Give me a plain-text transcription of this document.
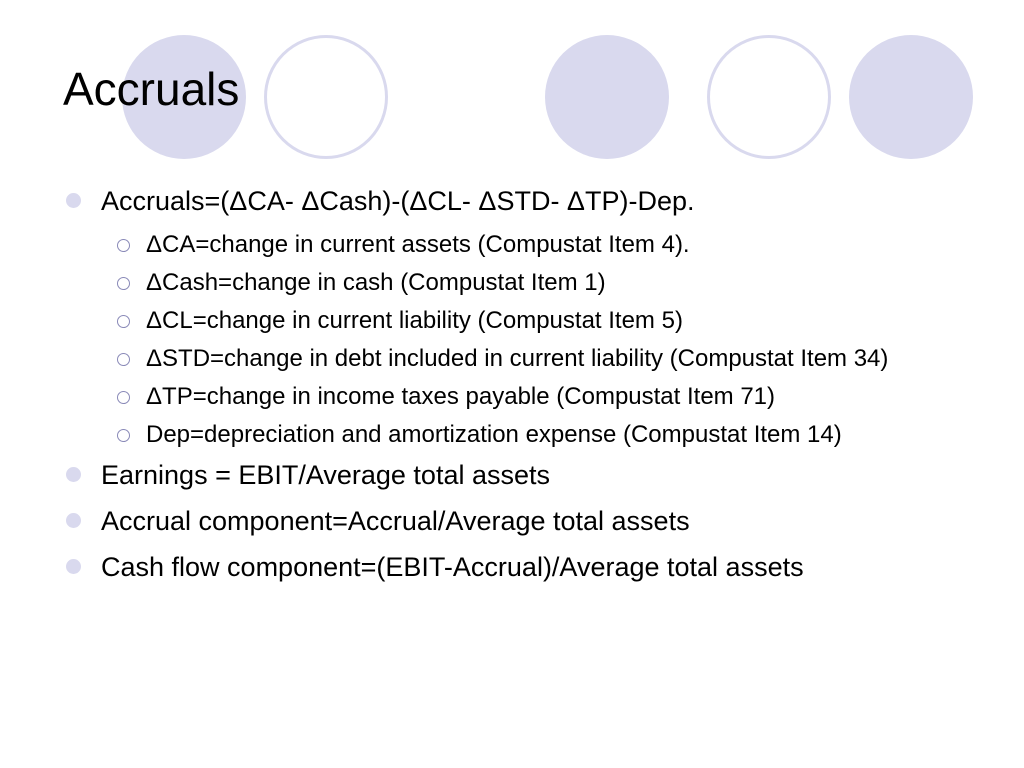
Accruals
Accruals=(ΔCA- ΔCash)-(ΔCL- ΔSTD- ΔTP)-Dep.
ΔCA=change in current assets (Compustat Item 4).
ΔCash=change in cash (Compustat Item 1)
ΔCL=change in current liability (Compustat Item 5)
ΔSTD=change in debt included in current liability (Compustat Item 34)
ΔTP=change in income taxes payable (Compustat Item 71)
Dep=depreciation and amortization expense (Compustat Item 14)
Earnings = EBIT/Average total assets
Accrual component=Accrual/Average total assets
Cash flow component=(EBIT-Accrual)/Average total assets
